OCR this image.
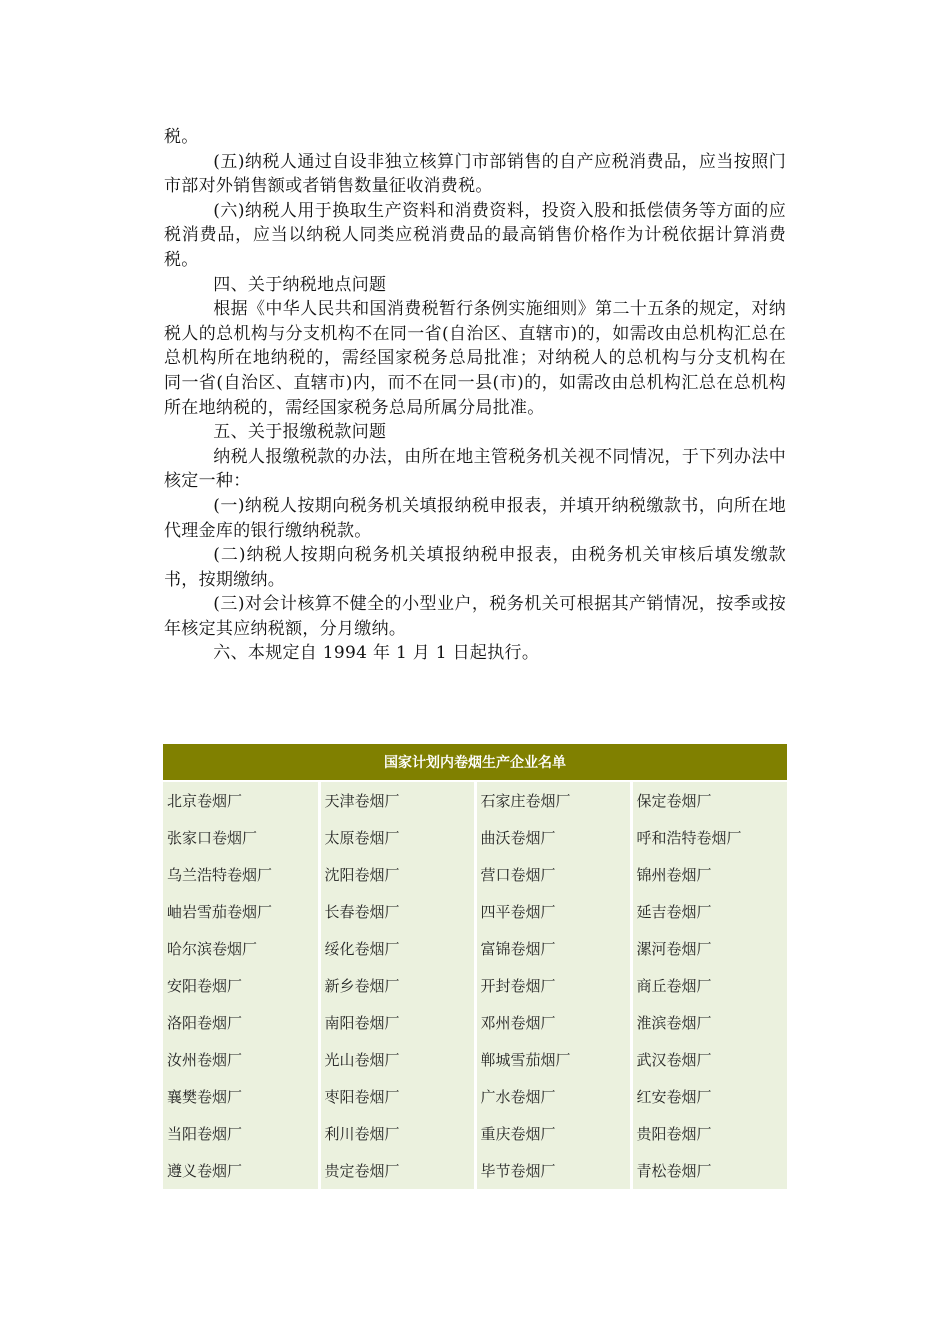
税。

(五)纳税人通过自设非独立核算门市部销售的自产应税消费品，应当按照门市部对外销售额或者销售数量征收消费税。

(六)纳税人用于换取生产资料和消费资料，投资入股和抵偿债务等方面的应税消费品，应当以纳税人同类应税消费品的最高销售价格作为计税依据计算消费税。

四、关于纳税地点问题

根据《中华人民共和国消费税暂行条例实施细则》第二十五条的规定，对纳税人的总机构与分支机构不在同一省(自治区、直辖市)的，如需改由总机构汇总在总机构所在地纳税的，需经国家税务总局批准；对纳税人的总机构与分支机构在同一省(自治区、直辖市)内，而不在同一县(市)的，如需改由总机构汇总在总机构所在地纳税的，需经国家税务总局所属分局批准。

五、关于报缴税款问题

纳税人报缴税款的办法，由所在地主管税务机关视不同情况，于下列办法中核定一种：

(一)纳税人按期向税务机关填报纳税申报表，并填开纳税缴款书，向所在地代理金库的银行缴纳税款。

(二)纳税人按期向税务机关填报纳税申报表，由税务机关审核后填发缴款书，按期缴纳。

(三)对会计核算不健全的小型业户，税务机关可根据其产销情况，按季或按年核定其应纳税额，分月缴纳。

六、本规定自 1994 年 1 月 1 日起执行。

国家计划内卷烟生产企业名单			
北京卷烟厂	天津卷烟厂	石家庄卷烟厂	保定卷烟厂
张家口卷烟厂	太原卷烟厂	曲沃卷烟厂	呼和浩特卷烟厂
乌兰浩特卷烟厂	沈阳卷烟厂	营口卷烟厂	锦州卷烟厂
岫岩雪茄卷烟厂	长春卷烟厂	四平卷烟厂	延吉卷烟厂
哈尔滨卷烟厂	绥化卷烟厂	富锦卷烟厂	漯河卷烟厂
安阳卷烟厂	新乡卷烟厂	开封卷烟厂	商丘卷烟厂
洛阳卷烟厂	南阳卷烟厂	邓州卷烟厂	淮滨卷烟厂
汝州卷烟厂	光山卷烟厂	郸城雪茄烟厂	武汉卷烟厂
襄樊卷烟厂	枣阳卷烟厂	广水卷烟厂	红安卷烟厂
当阳卷烟厂	利川卷烟厂	重庆卷烟厂	贵阳卷烟厂
遵义卷烟厂	贵定卷烟厂	毕节卷烟厂	青松卷烟厂
